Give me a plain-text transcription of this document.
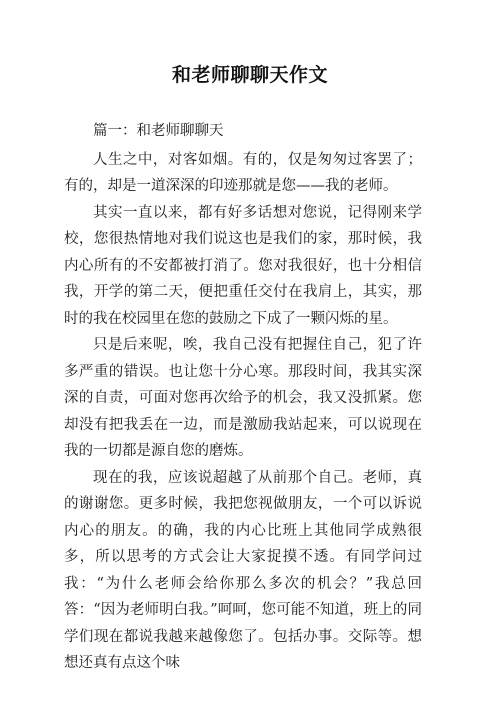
和老师聊聊天作文

篇一：和老师聊聊天

人生之中，对客如烟。有的，仅是匆匆过客罢了；有的，却是一道深深的印迹那就是您——我的老师。

其实一直以来，都有好多话想对您说，记得刚来学校，您很热情地对我们说这也是我们的家，那时候，我内心所有的不安都被打消了。您对我很好，也十分相信我，开学的第二天，便把重任交付在我肩上，其实，那时的我在校园里在您的鼓励之下成了一颗闪烁的星。

只是后来呢，唉，我自己没有把握住自己，犯了许多严重的错误。也让您十分心寒。那段时间，我其实深深的自责，可面对您再次给予的机会，我又没抓紧。您却没有把我丢在一边，而是激励我站起来，可以说现在我的一切都是源自您的磨炼。

现在的我，应该说超越了从前那个自己。老师，真的谢谢您。更多时候，我把您视做朋友，一个可以诉说内心的朋友。的确，我的内心比班上其他同学成熟很多，所以思考的方式会让大家捉摸不透。有同学问过我：“为什么老师会给你那么多次的机会？”我总回答：“因为老师明白我。”呵呵，您可能不知道，班上的同学们现在都说我越来越像您了。包括办事。交际等。想想还真有点这个味
